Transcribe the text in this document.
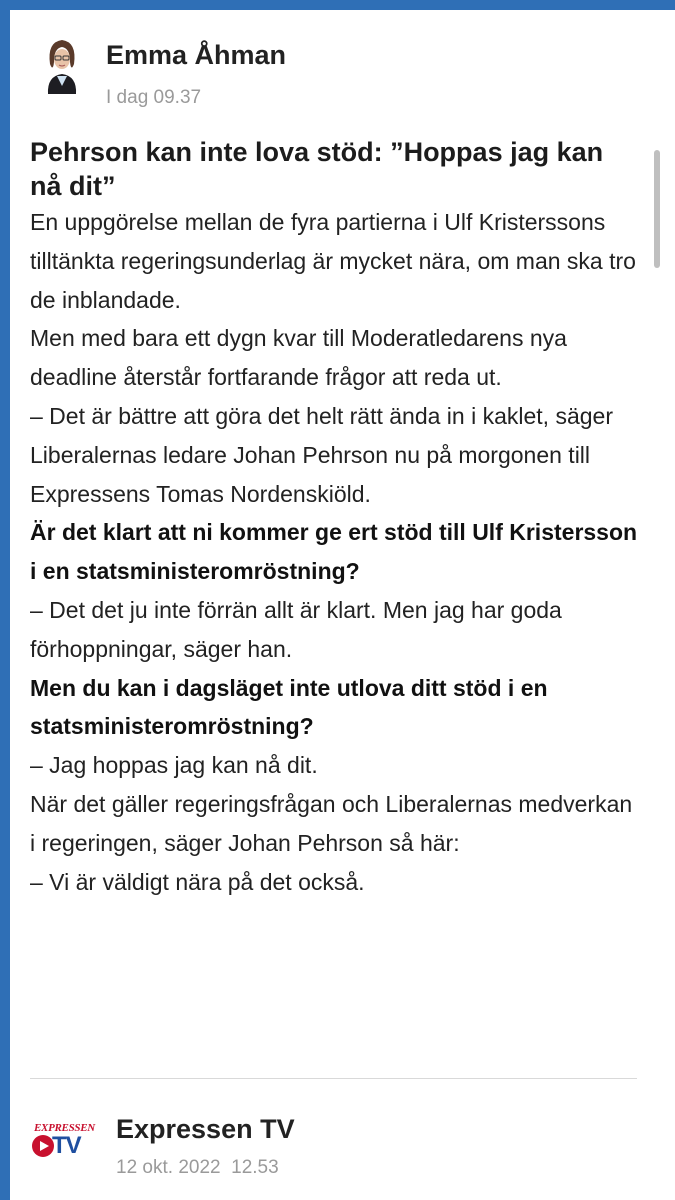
Emma Åhman
I dag 09.37
Pehrson kan inte lova stöd: ”Hoppas jag kan nå dit”

En uppgörelse mellan de fyra partierna i Ulf Kristerssons tilltänkta regeringsunderlag är mycket nära, om man ska tro de inblandade.

Men med bara ett dygn kvar till Moderatledarens nya deadline återstår fortfarande frågor att reda ut.

– Det är bättre att göra det helt rätt ända in i kaklet, säger Liberalernas ledare Johan Pehrson nu på morgonen till Expressens Tomas Nordenskiöld.

Är det klart att ni kommer ge ert stöd till Ulf Kristersson i en statsministeromröstning?

– Det det ju inte förrän allt är klart. Men jag har goda förhoppningar, säger han.

Men du kan i dagsläget inte utlova ditt stöd i en statsministeromröstning?

– Jag hoppas jag kan nå dit.

När det gäller regeringsfrågan och Liberalernas medverkan i regeringen, säger Johan Pehrson så här:

– Vi är väldigt nära på det också.

EXPRESSEN
TV
Expressen TV
12 okt. 2022  12.53
